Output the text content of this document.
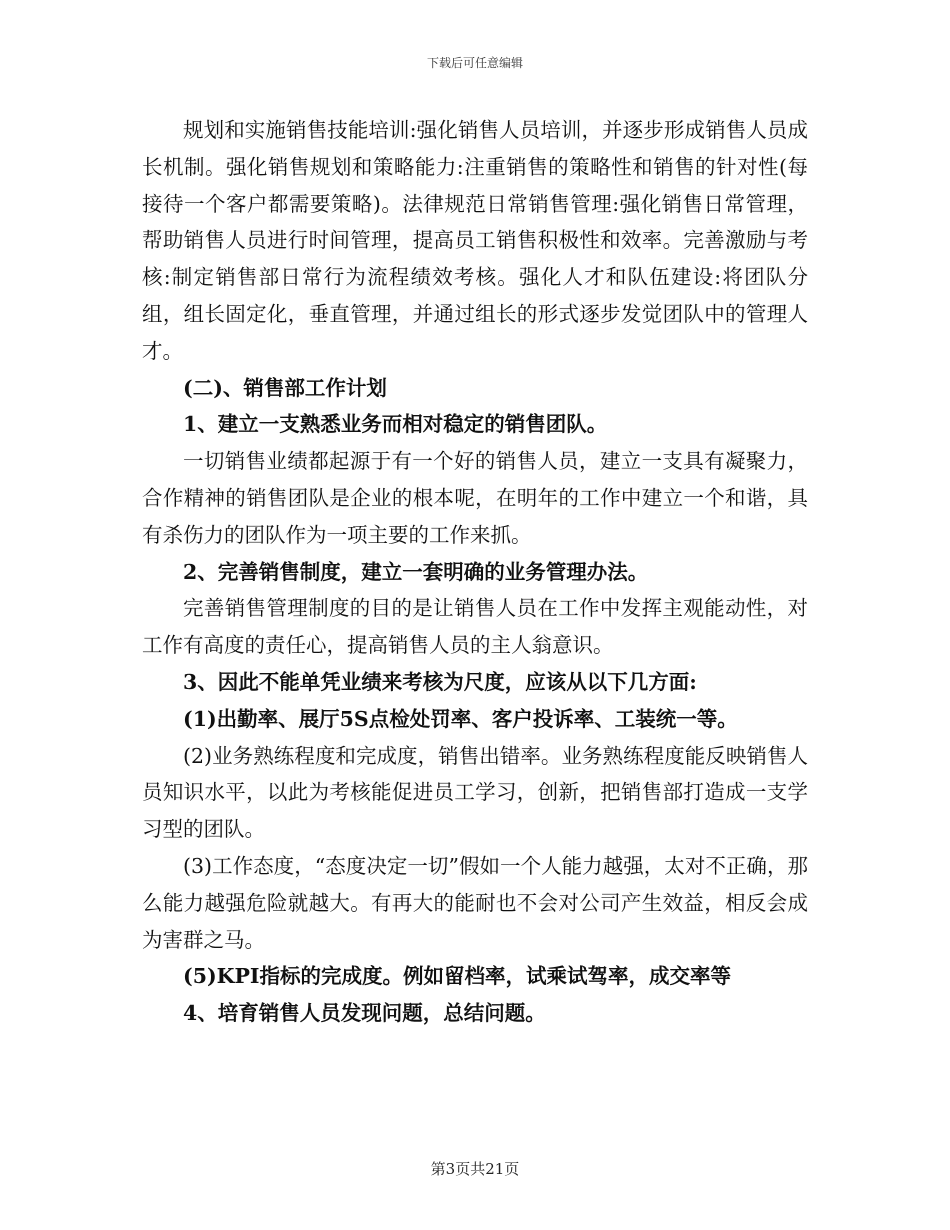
下载后可任意编辑

规划和实施销售技能培训:强化销售人员培训，并逐步形成销售人员成长机制。强化销售规划和策略能力:注重销售的策略性和销售的针对性(每接待一个客户都需要策略)。法律规范日常销售管理:强化销售日常管理，帮助销售人员进行时间管理，提高员工销售积极性和效率。完善激励与考核:制定销售部日常行为流程绩效考核。强化人才和队伍建设:将团队分组，组长固定化，垂直管理，并通过组长的形式逐步发觉团队中的管理人才。

(二)、销售部工作计划

1、建立一支熟悉业务而相对稳定的销售团队。

一切销售业绩都起源于有一个好的销售人员，建立一支具有凝聚力，合作精神的销售团队是企业的根本呢，在明年的工作中建立一个和谐，具有杀伤力的团队作为一项主要的工作来抓。

2、完善销售制度，建立一套明确的业务管理办法。

完善销售管理制度的目的是让销售人员在工作中发挥主观能动性，对工作有高度的责任心，提高销售人员的主人翁意识。

3、因此不能单凭业绩来考核为尺度，应该从以下几方面:

(1)出勤率、展厅5S点检处罚率、客户投诉率、工装统一等。

(2)业务熟练程度和完成度，销售出错率。业务熟练程度能反映销售人员知识水平，以此为考核能促进员工学习，创新，把销售部打造成一支学习型的团队。

(3)工作态度，“态度决定一切”假如一个人能力越强，太对不正确，那么能力越强危险就越大。有再大的能耐也不会对公司产生效益，相反会成为害群之马。

(5)KPI指标的完成度。例如留档率，试乘试驾率，成交率等

4、培育销售人员发现问题，总结问题。

第3页共21页
